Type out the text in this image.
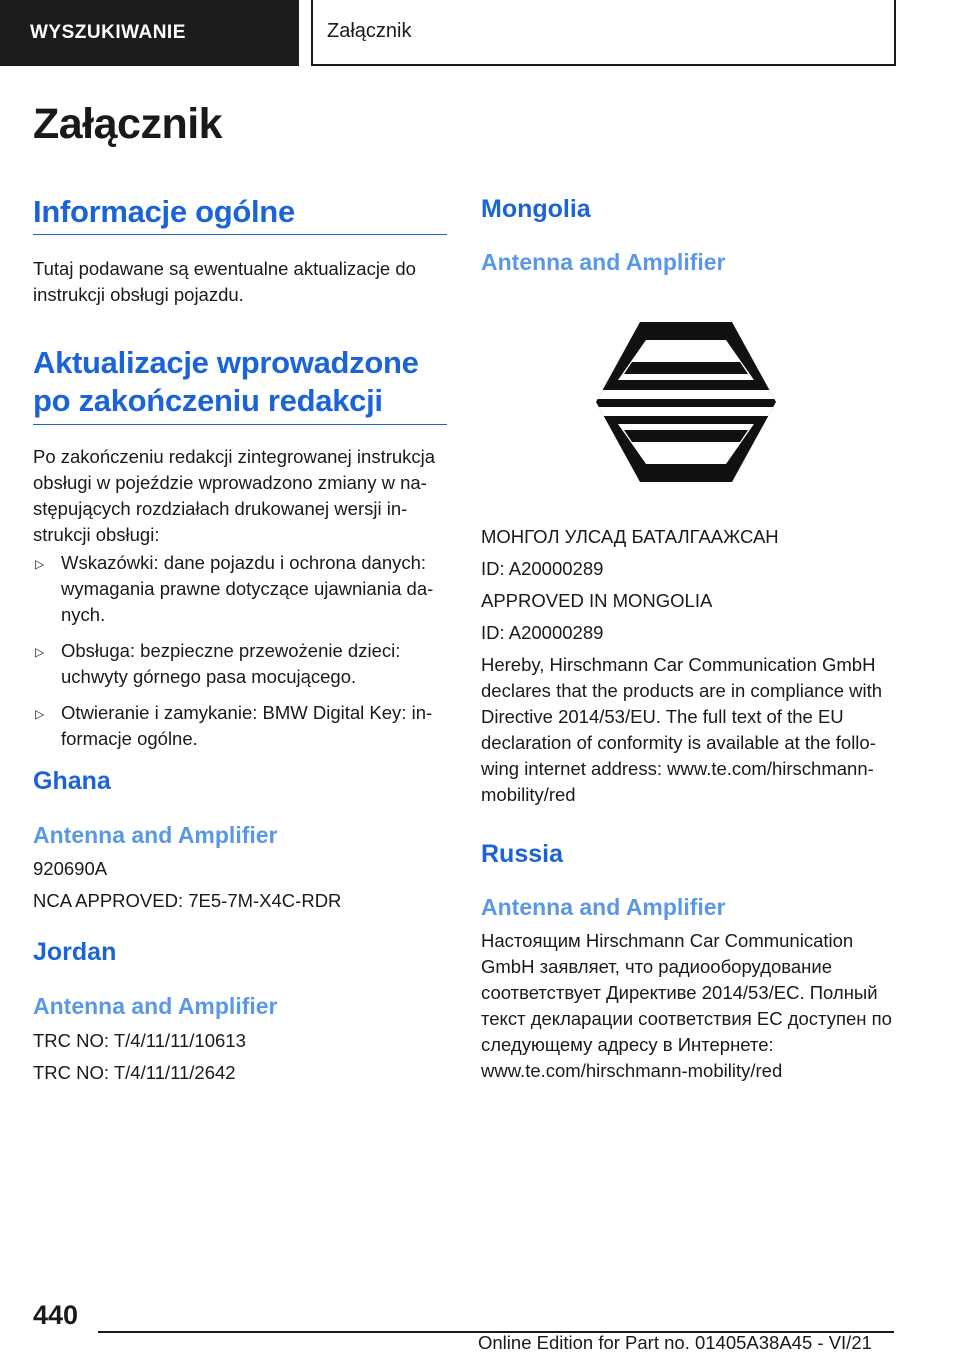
WYSZUKIWANIE	Załącznik
Załącznik
Informacje ogólne

Tutaj podawane są ewentualne aktualizacje do instrukcji obsługi pojazdu.

Aktualizacje wprowadzone
po zakończeniu redakcji

Po zakończeniu redakcji zintegrowanej instrukcja obsługi w pojeździe wprowadzono zmiany w na-stępujących rozdziałach drukowanej wersji in-strukcji obsługi:

▷ Wskazówki: dane pojazdu i ochrona danych: wymagania prawne dotyczące ujawniania da-nych.
▷ Obsługa: bezpieczne przewożenie dzieci: uchwyty górnego pasa mocującego.
▷ Otwieranie i zamykanie: BMW Digital Key: in-formacje ogólne.
Ghana
Antenna and Amplifier

920690A

NCA APPROVED: 7E5-7M-X4C-RDR

Jordan
Antenna and Amplifier

TRC NO: T/4/11/11/10613

TRC NO: T/4/11/11/2642

Mongolia
Antenna and Amplifier

МОНГОЛ УЛСАД БАТАЛГААЖСАН

ID: A20000289

APPROVED IN MONGOLIA

ID: A20000289

Hereby, Hirschmann Car Communication GmbH declares that the products are in compliance with Directive 2014/53/EU. The full text of the EU declaration of conformity is available at the follo-wing internet address: www.te.com/hirschmann-mobility/red

Russia
Antenna and Amplifier

Настоящим Hirschmann Car Communication GmbH заявляет, что радиооборудование соответствует Директиве 2014/53/EC. Полный текст декларации соответствия ЕС доступен по следующему адресу в Интернете: www.te.com/hirschmann-mobility/red

440
Online Edition for Part no. 01405A38A45 - VI/21
